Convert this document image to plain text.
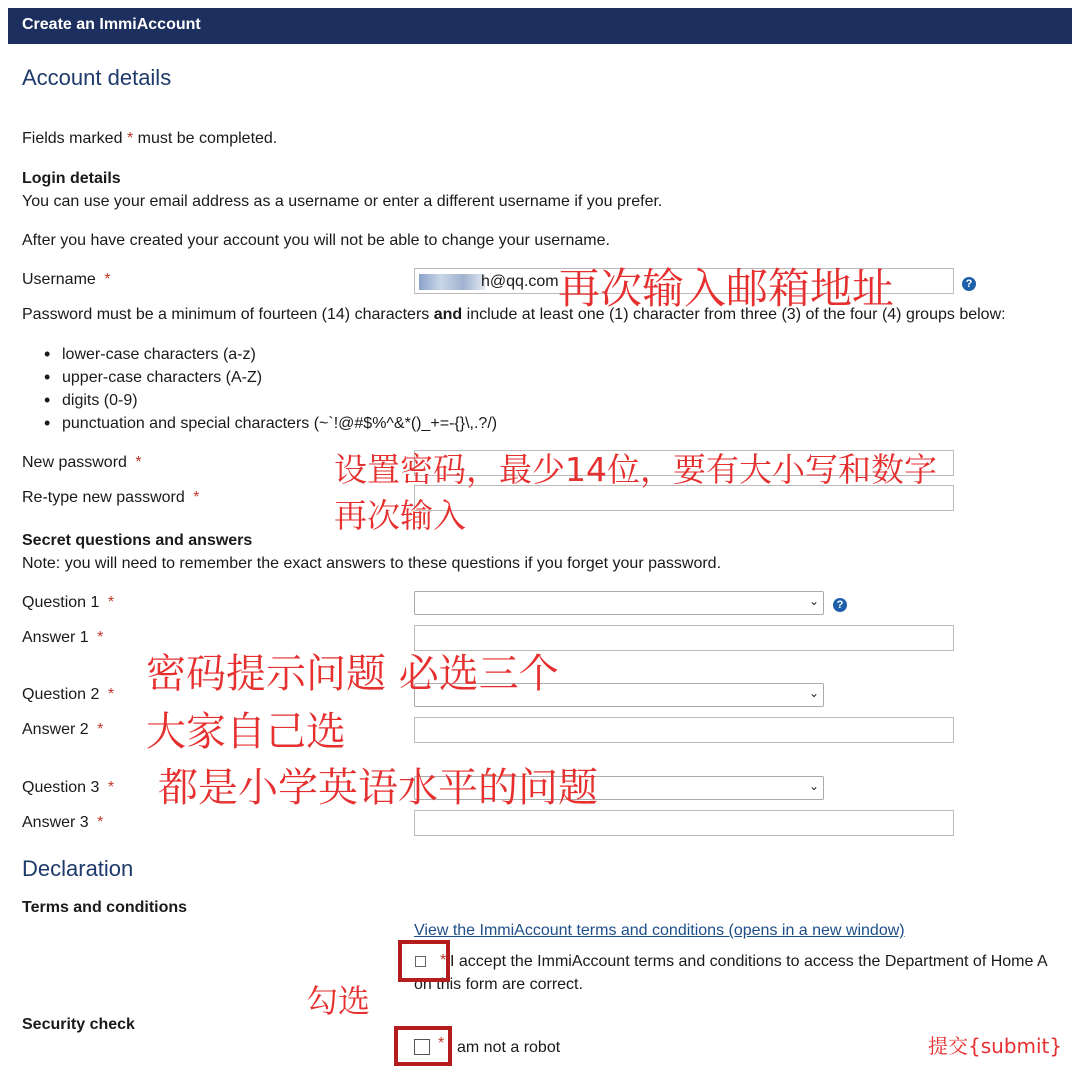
Create an ImmiAccount
Account details
Fields marked * must be completed.
Login details
You can use your email address as a username or enter a different username if you prefer.
After you have created your account you will not be able to change your username.
Username *	h@qq.com	?
Password must be a minimum of fourteen (14) characters and include at least one (1) character from three (3) of the four (4) groups below:
• lower-case characters (a-z)
• upper-case characters (A-Z)
• digits (0-9)
• punctuation and special characters (~`!@#$%^&*()_+=-{}\,.?/)
New password *
Re-type new password *
Secret questions and answers
Note: you will need to remember the exact answers to these questions if you forget your password.
Question 1 *	⌄	?
Answer 1 *
Question 2 *	⌄
Answer 2 *
Question 3 *	⌄
Answer 3 *
Declaration
Terms and conditions
View the ImmiAccount terms and conditions (opens in a new window)
* I accept the ImmiAccount terms and conditions to access the Department of Home A
on this form are correct.
Security check
* am not a robot
再次输入邮箱地址
设置密码，最少14位，要有大小写和数字
再次输入
密码提示问题 必选三个
大家自己选
都是小学英语水平的问题
勾选
提交{submit}
